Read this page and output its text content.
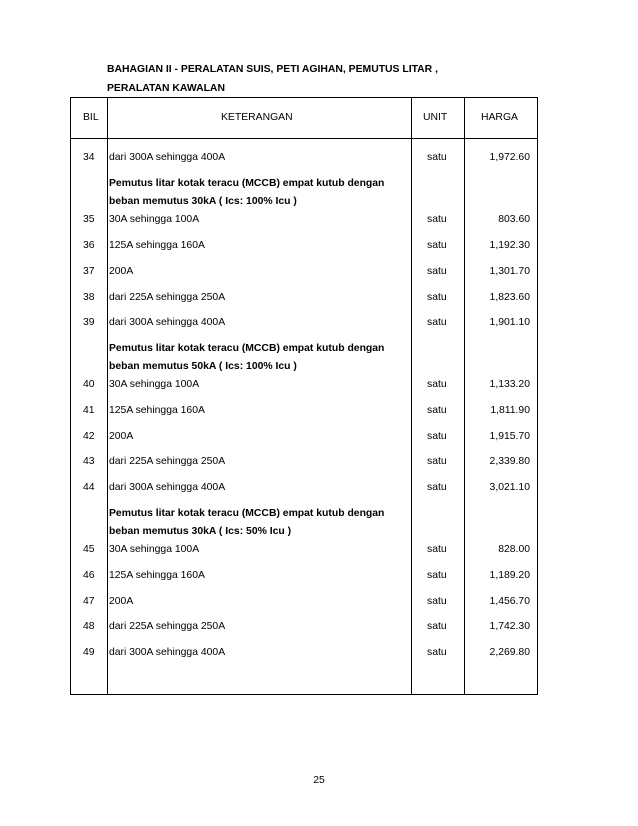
BAHAGIAN II - PERALATAN SUIS, PETI AGIHAN, PEMUTUS LITAR ,
PERALATAN KAWALAN
BIL	KETERANGAN	UNIT	HARGA
34 dari 300A sehingga 400A	satu	1,972.60
Pemutus litar kotak teracu (MCCB) empat kutub dengan
beban memutus 30kA ( Ics: 100% Icu )
35 30A sehingga 100A	satu	803.60
36 125A sehingga 160A	satu	1,192.30
37 200A	satu	1,301.70
38 dari 225A sehingga 250A	satu	1,823.60
39 dari 300A sehingga 400A	satu	1,901.10
Pemutus litar kotak teracu (MCCB) empat kutub dengan
beban memutus 50kA ( Ics: 100% Icu )
40 30A sehingga 100A	satu	1,133.20
41 125A sehingga 160A	satu	1,811.90
42 200A	satu	1,915.70
43 dari 225A sehingga 250A	satu	2,339.80
44 dari 300A sehingga 400A	satu	3,021.10
Pemutus litar kotak teracu (MCCB) empat kutub dengan
beban memutus 30kA ( Ics: 50% Icu )
45 30A sehingga 100A	satu	828.00
46 125A sehingga 160A	satu	1,189.20
47 200A	satu	1,456.70
48 dari 225A sehingga 250A	satu	1,742.30
49 dari 300A sehingga 400A	satu	2,269.80
25
